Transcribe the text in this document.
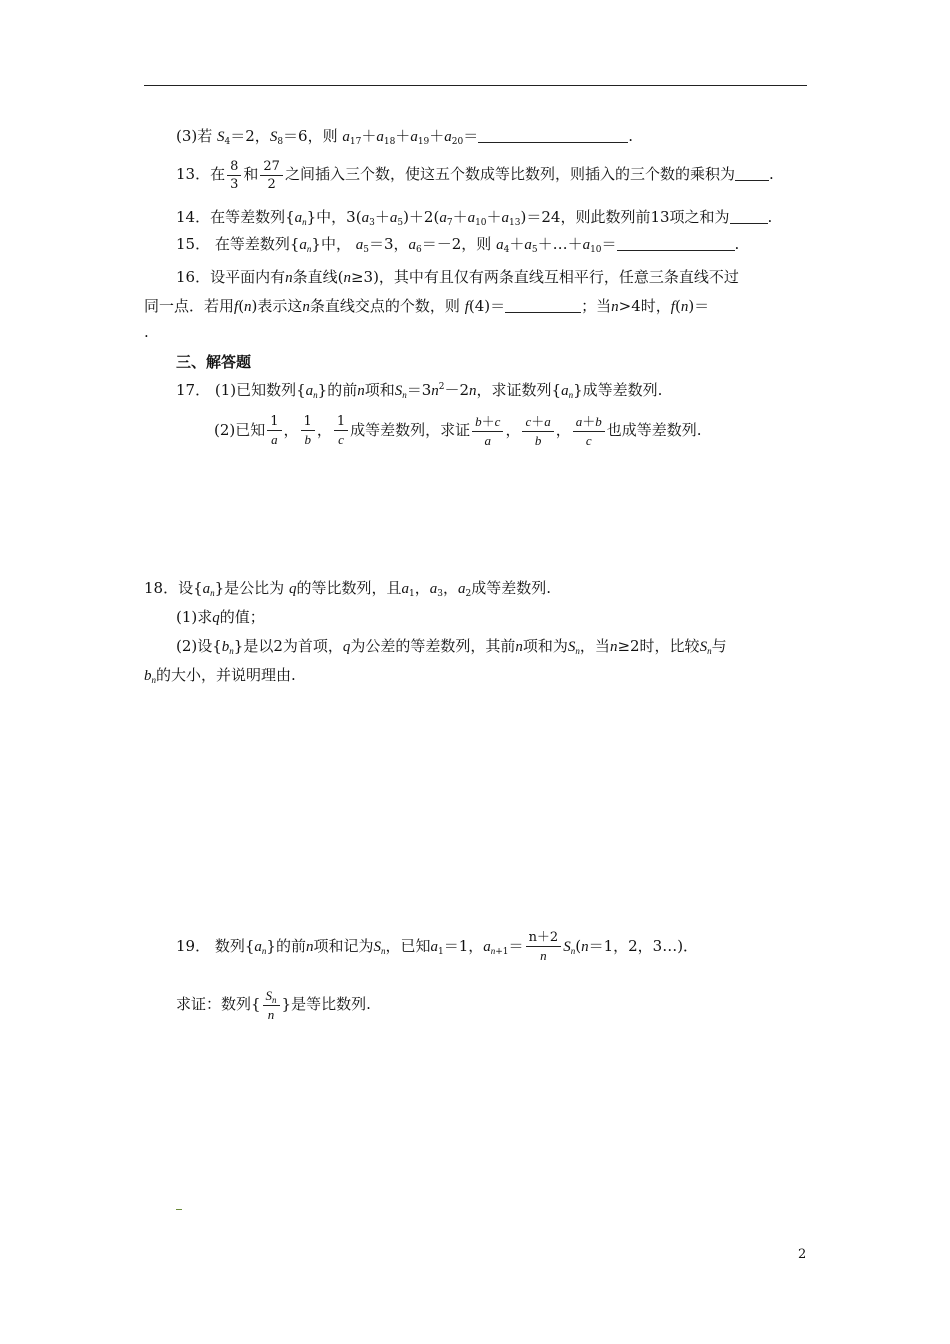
(3)若 $S_4=2$，$S_8=6$，则 $a_{17}+a_{18}+a_{19}+a_{20}=$	.
13．在 $\frac{8}{3}$ 和 $\frac{27}{2}$ 之间插入三个数，使这五个数成等比数列，则插入的三个数的乘积为 .
14．在等差数列$\{a_n\}$中，$3(a_3+a_5)+2(a_7+a_{10}+a_{13})=24$，则此数列前13项之和为	.
15． 在等差数列$\{a_n\}$中， $a_5=3$，$a_6=-2$，则 $a_4+a_5+\dots+a_{10}=$	.
16．设平面内有n条直线(n≥3)，其中有且仅有两条直线互相平行，任意三条直线不过
同一点．若用f(n)表示这n条直线交点的个数，则 f(4)＝	；当n>4时，f(n)＝
.
三、解答题
17． (1)已知数列$\{a_n\}$的前n项和$S_n=3n^2-2n$，求证数列$\{a_n\}$成等差数列.
(2)已知 $\frac{1}{a}$ ， $\frac{1}{b}$ ， $\frac{1}{c}$ 成等差数列，求证 $\frac{b+c}{a}$ ， $\frac{c+a}{b}$ ， $\frac{a+b}{c}$ 也成等差数列.
18．设$\{a_n\}$是公比为 q的等比数列，且$a_1$，$a_3$，$a_2$成等差数列.
(1)求q的值；
(2)设$\{b_n\}$是以2为首项，q为公差的等差数列，其前n项和为$S_n$，当n≥2时，比较$S_n$与
$b_n$的大小，并说明理由.
19． 数列$\{a_n\}$的前n项和记为$S_n$，已知$a_1=1$，$a_{n+1}= \frac{n+2}{n} S_n(n=1$，2，3…)．
求证：数列{ $\frac{S_n}{n}$ }是等比数列.
2
